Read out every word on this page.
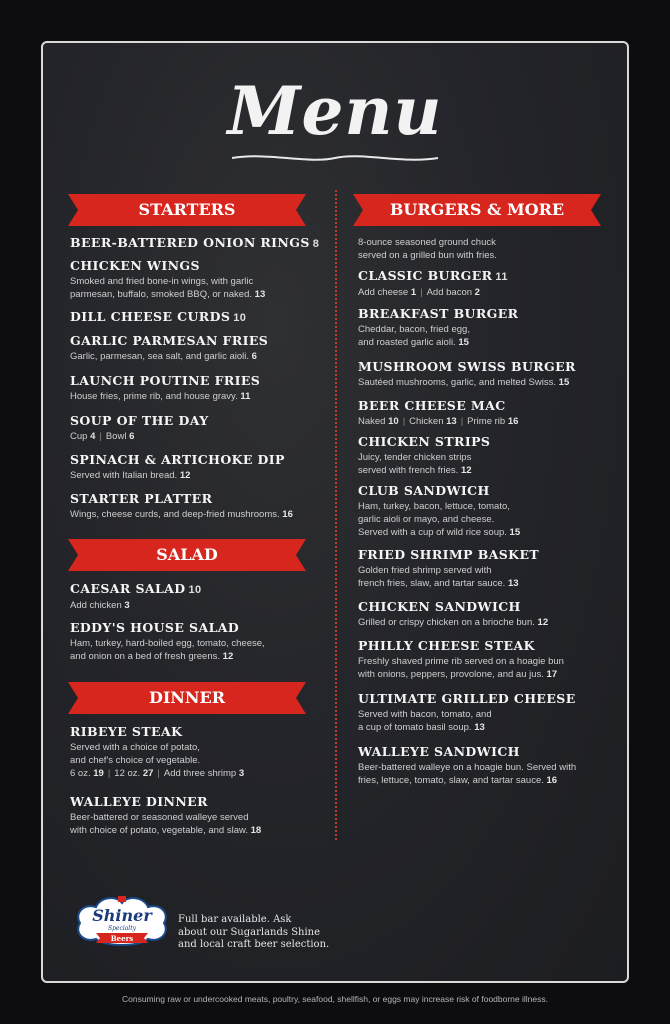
Menu
STARTERS
SALAD
DINNER
BURGERS & MORE
BEER-BATTERED ONION RINGS 8
CHICKEN WINGS
Smoked and fried bone-in wings, with garlic
parmesan, buffalo, smoked BBQ, or naked. 13
DILL CHEESE CURDS 10
GARLIC PARMESAN FRIES
Garlic, parmesan, sea salt, and garlic aioli. 6
LAUNCH POUTINE FRIES
House fries, prime rib, and house gravy. 11
SOUP OF THE DAY
Cup 4 | Bowl 6
SPINACH & ARTICHOKE DIP
Served with Italian bread. 12
STARTER PLATTER
Wings, cheese curds, and deep-fried mushrooms. 16
CAESAR SALAD 10
Add chicken 3
EDDY'S HOUSE SALAD
Ham, turkey, hard-boiled egg, tomato, cheese,
and onion on a bed of fresh greens. 12
RIBEYE STEAK
Served with a choice of potato,
and chef's choice of vegetable.
6 oz. 19 | 12 oz. 27 | Add three shrimp 3
WALLEYE DINNER
Beer-battered or seasoned walleye served
with choice of potato, vegetable, and slaw. 18
8-ounce seasoned ground chuck
served on a grilled bun with fries.
CLASSIC BURGER 11
Add cheese 1 | Add bacon 2
BREAKFAST BURGER
Cheddar, bacon, fried egg,
and roasted garlic aioli. 15
MUSHROOM SWISS BURGER
Sautéed mushrooms, garlic, and melted Swiss. 15
BEER CHEESE MAC
Naked 10 | Chicken 13 | Prime rib 16
CHICKEN STRIPS
Juicy, tender chicken strips
served with french fries. 12
CLUB SANDWICH
Ham, turkey, bacon, lettuce, tomato,
garlic aioli or mayo, and cheese.
Served with a cup of wild rice soup. 15
FRIED SHRIMP BASKET
Golden fried shrimp served with
french fries, slaw, and tartar sauce. 13
CHICKEN SANDWICH
Grilled or crispy chicken on a brioche bun. 12
PHILLY CHEESE STEAK
Freshly shaved prime rib served on a hoagie bun
with onions, peppers, provolone, and au jus. 17
ULTIMATE GRILLED CHEESE
Served with bacon, tomato, and
a cup of tomato basil soup. 13
WALLEYE SANDWICH
Beer-battered walleye on a hoagie bun. Served with
fries, lettuce, tomato, slaw, and tartar sauce. 16
Shiner
Specialty
Beers
Full bar available. Ask
about our Sugarlands Shine
and local craft beer selection.
Consuming raw or undercooked meats, poultry, seafood, shellfish, or eggs may increase risk of foodborne illness.
